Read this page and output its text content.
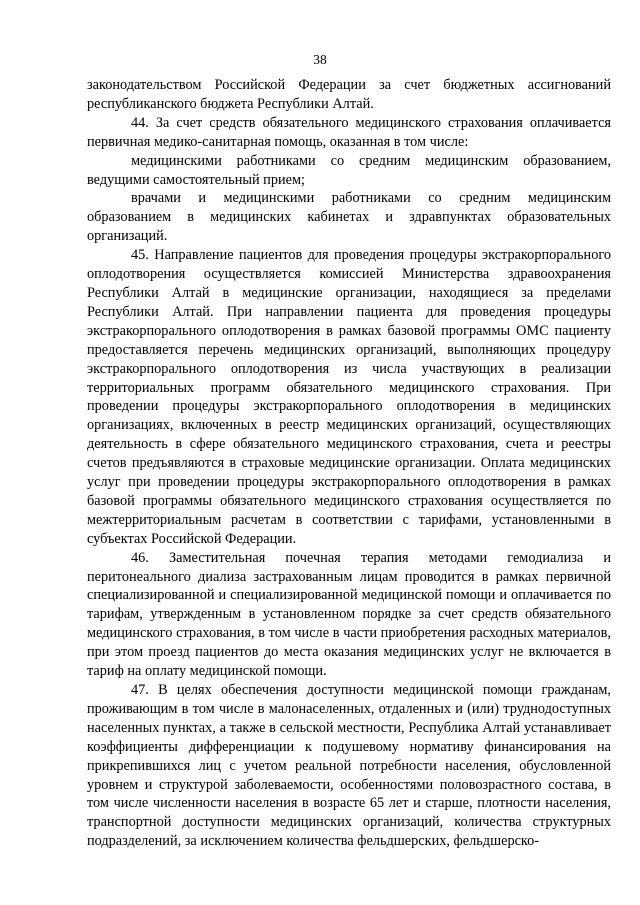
38

законодательством Российской Федерации за счет бюджетных ассигнований республиканского бюджета Республики Алтай.

44. За счет средств обязательного медицинского страхования оплачивается первичная медико-санитарная помощь, оказанная в том числе:

медицинскими работниками со средним медицинским образованием, ведущими самостоятельный прием;

врачами и медицинскими работниками со средним медицинским образованием в медицинских кабинетах и здравпунктах образовательных организаций.

45. Направление пациентов для проведения процедуры экстракорпорального оплодотворения осуществляется комиссией Министерства здравоохранения Республики Алтай в медицинские организации, находящиеся за пределами Республики Алтай. При направлении пациента для проведения процедуры экстракорпорального оплодотворения в рамках базовой программы ОМС пациенту предоставляется перечень медицинских организаций, выполняющих процедуру экстракорпорального оплодотворения из числа участвующих в реализации территориальных программ обязательного медицинского страхования. При проведении процедуры экстракорпорального оплодотворения в медицинских организациях, включенных в реестр медицинских организаций, осуществляющих деятельность в сфере обязательного медицинского страхования, счета и реестры счетов предъявляются в страховые медицинские организации. Оплата медицинских услуг при проведении процедуры экстракорпорального оплодотворения в рамках базовой программы обязательного медицинского страхования осуществляется по межтерриториальным расчетам в соответствии с тарифами, установленными в субъектах Российской Федерации.

46. Заместительная почечная терапия методами гемодиализа и перитонеального диализа застрахованным лицам проводится в рамках первичной специализированной и специализированной медицинской помощи и оплачивается по тарифам, утвержденным в установленном порядке за счет средств обязательного медицинского страхования, в том числе в части приобретения расходных материалов, при этом проезд пациентов до места оказания медицинских услуг не включается в тариф на оплату медицинской помощи.

47. В целях обеспечения доступности медицинской помощи гражданам, проживающим в том числе в малонаселенных, отдаленных и (или) труднодоступных населенных пунктах, а также в сельской местности, Республика Алтай устанавливает коэффициенты дифференциации к подушевому нормативу финансирования на прикрепившихся лиц с учетом реальной потребности населения, обусловленной уровнем и структурой заболеваемости, особенностями половозрастного состава, в том числе численности населения в возрасте 65 лет и старше, плотности населения, транспортной доступности медицинских организаций, количества структурных подразделений, за исключением количества фельдшерских, фельдшерско-
